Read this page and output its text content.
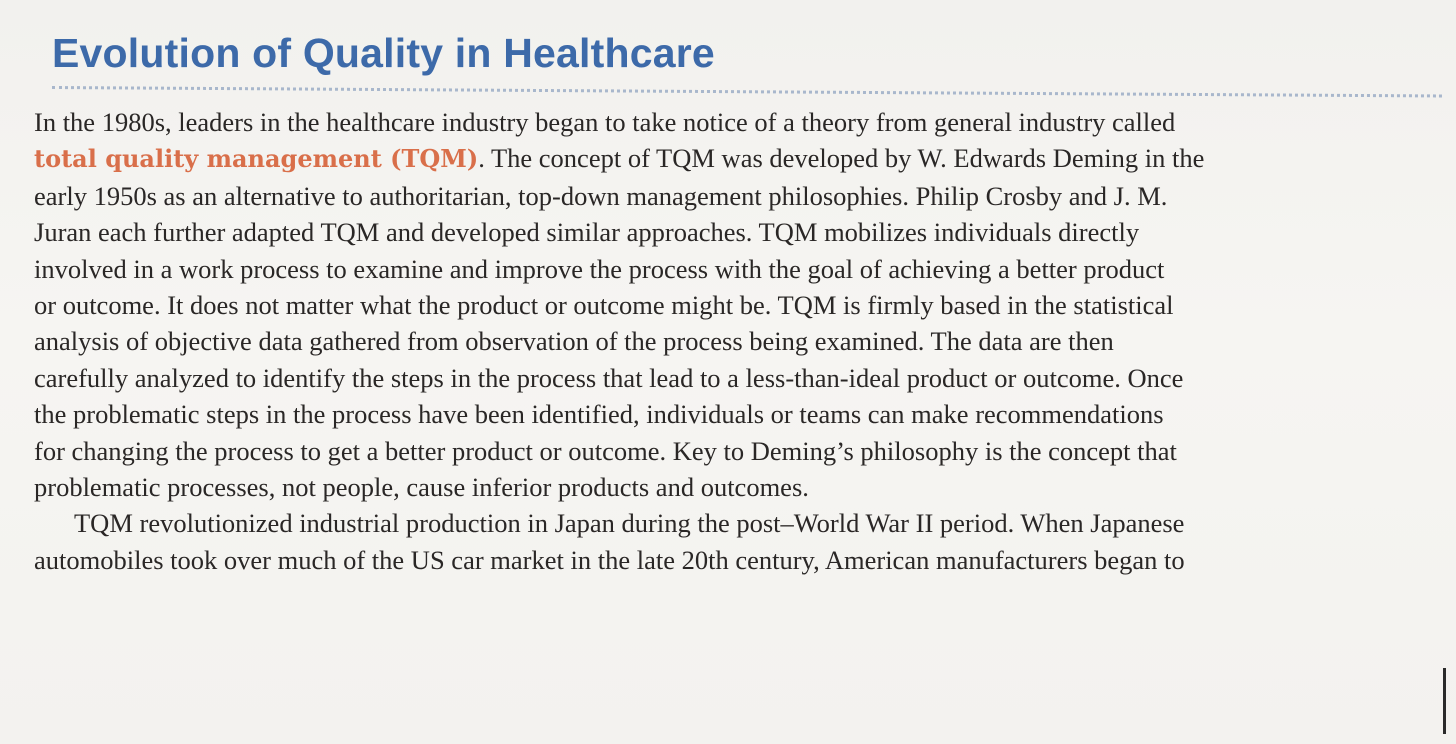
Evolution of Quality in Healthcare
In the 1980s, leaders in the healthcare industry began to take notice of a theory from general industry called
total quality management (TQM). The concept of TQM was developed by W. Edwards Deming in the
early 1950s as an alternative to authoritarian, top-down management philosophies. Philip Crosby and J. M.
Juran each further adapted TQM and developed similar approaches. TQM mobilizes individuals directly
involved in a work process to examine and improve the process with the goal of achieving a better product
or outcome. It does not matter what the product or outcome might be. TQM is firmly based in the statistical
analysis of objective data gathered from observation of the process being examined. The data are then
carefully analyzed to identify the steps in the process that lead to a less-than-ideal product or outcome. Once
the problematic steps in the process have been identified, individuals or teams can make recommendations
for changing the process to get a better product or outcome. Key to Deming’s philosophy is the concept that
problematic processes, not people, cause inferior products and outcomes.
TQM revolutionized industrial production in Japan during the post–World War II period. When Japanese
automobiles took over much of the US car market in the late 20th century, American manufacturers began to
